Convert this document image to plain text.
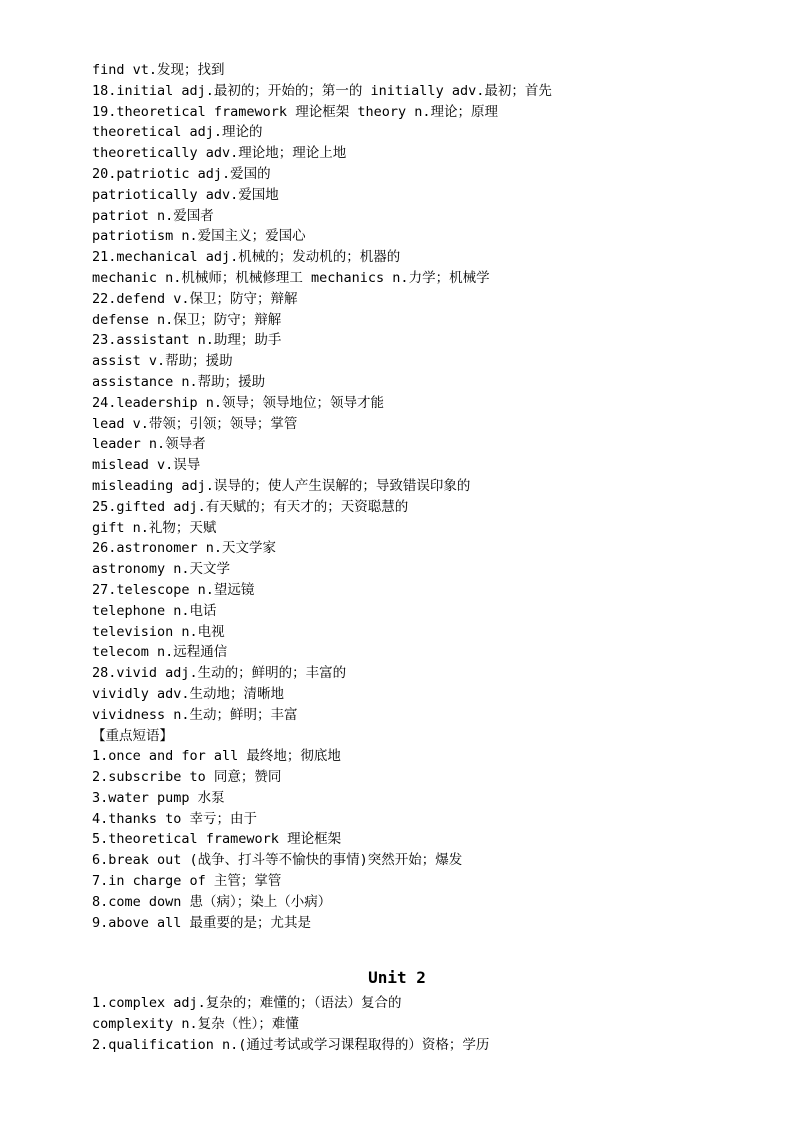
find vt.发现；找到
18.initial adj.最初的；开始的；第一的 initially adv.最初；首先
19.theoretical framework 理论框架 theory n.理论；原理
theoretical adj.理论的
theoretically adv.理论地；理论上地
20.patriotic adj.爱国的
patriotically adv.爱国地
patriot n.爱国者
patriotism n.爱国主义；爱国心
21.mechanical adj.机械的；发动机的；机器的
mechanic n.机械师；机械修理工 mechanics n.力学；机械学
22.defend v.保卫；防守；辩解
defense n.保卫；防守；辩解
23.assistant n.助理；助手
assist v.帮助；援助
assistance n.帮助；援助
24.leadership n.领导；领导地位；领导才能
lead v.带领；引领；领导；掌管
leader n.领导者
mislead v.误导
misleading adj.误导的；使人产生误解的；导致错误印象的
25.gifted adj.有天赋的；有天才的；天资聪慧的
gift n.礼物；天赋
26.astronomer n.天文学家
astronomy n.天文学
27.telescope n.望远镜
telephone n.电话
television n.电视
telecom n.远程通信
28.vivid adj.生动的；鲜明的；丰富的
vividly adv.生动地；清晰地
vividness n.生动；鲜明；丰富
【重点短语】
1.once and for all 最终地；彻底地
2.subscribe to 同意；赞同
3.water pump 水泵
4.thanks to 幸亏；由于
5.theoretical framework 理论框架
6.break out (战争、打斗等不愉快的事情)突然开始；爆发
7.in charge of 主管；掌管
8.come down 患（病）；染上（小病）
9.above all 最重要的是；尤其是
Unit 2
1.complex adj.复杂的；难懂的；（语法）复合的
complexity n.复杂（性）；难懂
2.qualification n.(通过考试或学习课程取得的）资格；学历
